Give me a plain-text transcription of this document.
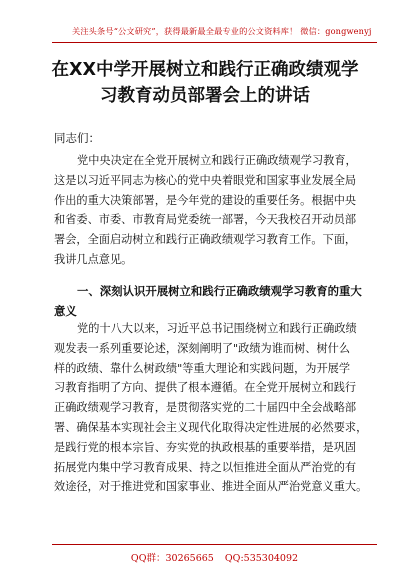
关注头条号“公文研究”，获得最新最全最专业的公文资料库！ 微信：gongwenyj
在XX中学开展树立和践行正确政绩观学
习教育动员部署会上的讲话
同志们：
党中央决定在全党开展树立和践行正确政绩观学习教育，
这是以习近平同志为核心的党中央着眼党和国家事业发展全局
作出的重大决策部署，是今年党的建设的重要任务。根据中央
和省委、市委、市教育局党委统一部署，今天我校召开动员部
署会，全面启动树立和践行正确政绩观学习教育工作。下面，
我讲几点意见。
一、深刻认识开展树立和践行正确政绩观学习教育的重大
意义
党的十八大以来，习近平总书记围绕树立和践行正确政绩
观发表一系列重要论述，深刻阐明了"政绩为谁而树、树什么
样的政绩、靠什么树政绩"等重大理论和实践问题，为开展学
习教育指明了方向、提供了根本遵循。在全党开展树立和践行
正确政绩观学习教育，是贯彻落实党的二十届四中全会战略部
署、确保基本实现社会主义现代化取得决定性进展的必然要求，
是践行党的根本宗旨、夯实党的执政根基的重要举措，是巩固
拓展党内集中学习教育成果、持之以恒推进全面从严治党的有
效途径，对于推进党和国家事业、推进全面从严治党意义重大。
QQ群：30265665 QQ:535304092
